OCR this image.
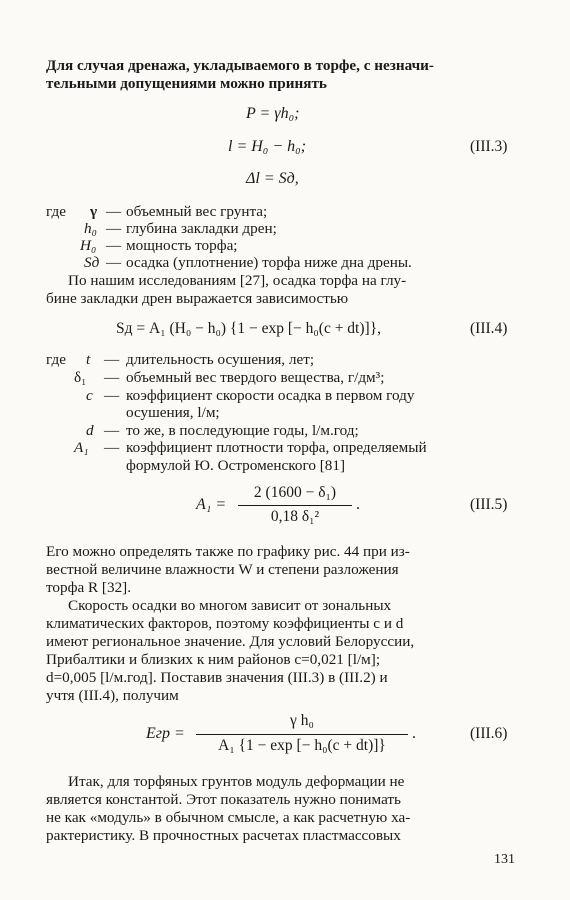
Для случая дренажа, укладываемого в торфе, с незначи-
тельными допущениями можно принять
P = γh₀;
l = H₀ − h₀;	(III.3)
Δl = Sд,
где γ — объемный вес грунта;
h₀ — глубина закладки дрен;
H₀ — мощность торфа;
Sд — осадка (уплотнение) торфа ниже дна дрены.
По нашим исследованиям [27], осадка торфа на глу-
бине закладки дрен выражается зависимостью
Sд = A₁ (H₀ − h₀) {1 − exp [− h₀(c + dt)]},	(III.4)
где t — длительность осушения, лет;
δ₁ — объемный вес твердого вещества, г/дм³;
c — коэффициент скорости осадка в первом году
осушения, l/м;
d — то же, в последующие годы, l/м.год;
A₁ — коэффициент плотности торфа, определяемый
формулой Ю. Остроменского [81]
A₁ =
2 (1600 − δ₁)
0,18 δ₁²
.	(III.5)
Его можно определять также по графику рис. 44 при из-
вестной величине влажности W и степени разложения
торфа R [32].
Скорость осадки во многом зависит от зональных
климатических факторов, поэтому коэффициенты c и d
имеют региональное значение. Для условий Белоруссии,
Прибалтики и близких к ним районов c=0,021 [l/м];
d=0,005 [l/м.год]. Поставив значения (III.3) в (III.2) и
учтя (III.4), получим
Eгр =
γ h₀
A₁ {1 − exp [− h₀(c + dt)]}
.	(III.6)
Итак, для торфяных грунтов модуль деформации не
является константой. Этот показатель нужно понимать
не как «модуль» в обычном смысле, а как расчетную ха-
рактеристику. В прочностных расчетах пластмассовых
131
